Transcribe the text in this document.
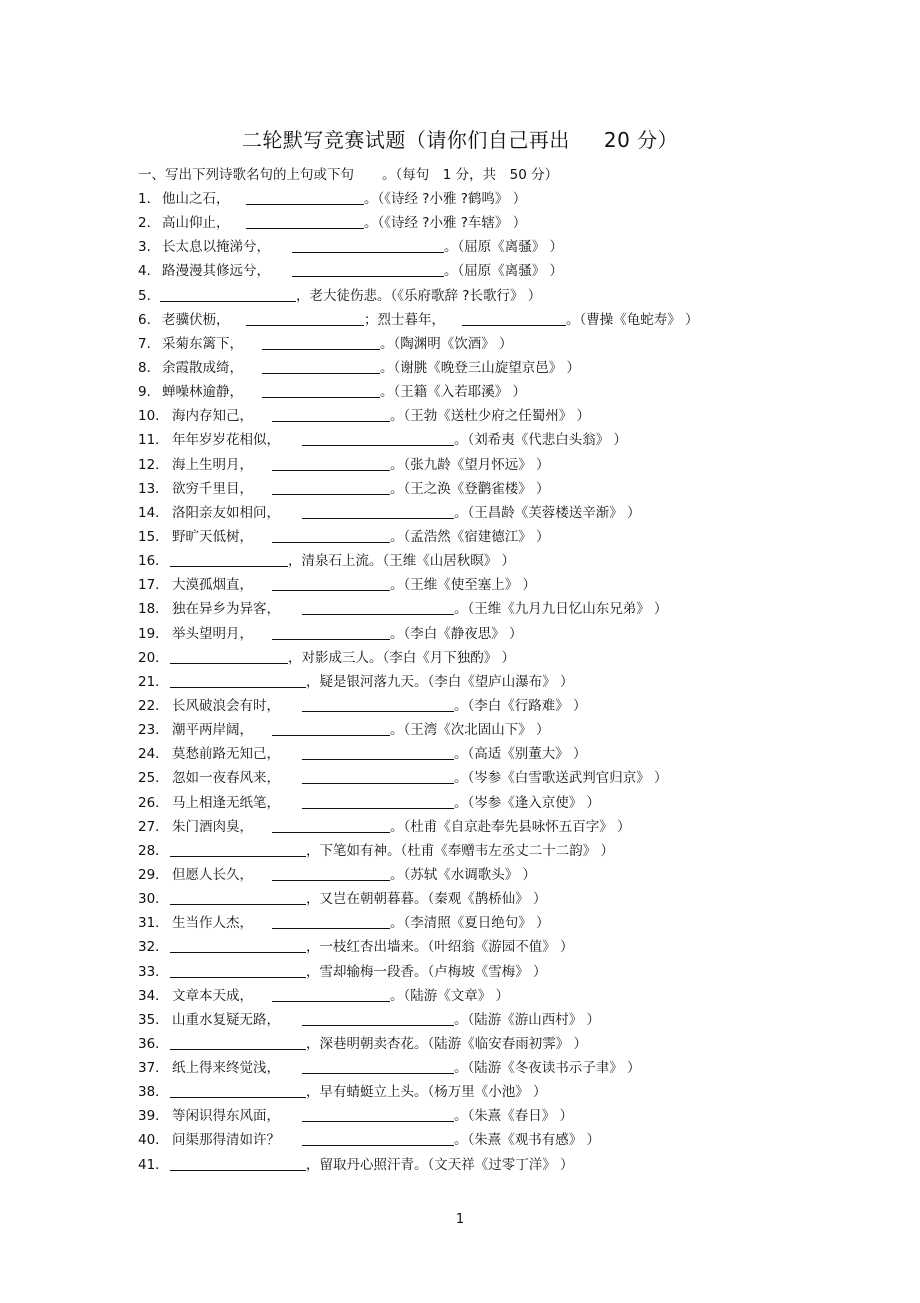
二轮默写竞赛试题（请你们自己再出 20 分）
一、写出下列诗歌名句的上句或下句 。（每句　1 分，共　50 分）
1． 他山之石，	。（《诗经 ?小雅 ?鹤鸣》 ）
2． 高山仰止，	。（《诗经 ?小雅 ?车辖》 ）
3． 长太息以掩涕兮，	。（屈原《离骚》 ）
4． 路漫漫其修远兮，	。（屈原《离骚》 ）
5．	，老大徒伤悲。（《乐府歌辞 ?长歌行》 ）
6． 老骥伏枥，	；烈士暮年，	。（曹操《龟蛇寿》 ）
7． 采菊东篱下，	。（陶渊明《饮酒》 ）
8． 余霞散成绮，	。（谢朓《晚登三山旋望京邑》 ）
9． 蝉噪林逾静，	。（王籍《入若耶溪》 ）
10． 海内存知己，	。（王勃《送杜少府之任蜀州》 ）
11． 年年岁岁花相似，	。（刘希夷《代悲白头翁》 ）
12． 海上生明月，	。（张九龄《望月怀远》 ）
13． 欲穷千里目，	。（王之涣《登鹳雀楼》 ）
14． 洛阳亲友如相问，	。（王昌龄《芙蓉楼送辛渐》 ）
15． 野旷天低树，	。（孟浩然《宿建德江》 ）
16．	，清泉石上流。（王维《山居秋暝》 ）
17． 大漠孤烟直，	。（王维《使至塞上》 ）
18． 独在异乡为异客，	。（王维《九月九日忆山东兄弟》 ）
19． 举头望明月，	。（李白《静夜思》 ）
20．	，对影成三人。（李白《月下独酌》 ）
21．	，疑是银河落九天。（李白《望庐山瀑布》 ）
22． 长风破浪会有时，	。（李白《行路难》 ）
23． 潮平两岸阔，	。（王湾《次北固山下》 ）
24． 莫愁前路无知己，	。（高适《别董大》 ）
25． 忽如一夜春风来，	。（岑参《白雪歌送武判官归京》 ）
26． 马上相逢无纸笔，	。（岑参《逢入京使》 ）
27． 朱门酒肉臭，	。（杜甫《自京赴奉先县咏怀五百字》 ）
28．	，下笔如有神。（杜甫《奉赠韦左丞丈二十二韵》 ）
29． 但愿人长久，	。（苏轼《水调歌头》 ）
30．	，又岂在朝朝暮暮。（秦观《鹊桥仙》 ）
31． 生当作人杰，	。（李清照《夏日绝句》 ）
32．	，一枝红杏出墙来。（叶绍翁《游园不值》 ）
33．	，雪却输梅一段香。（卢梅坡《雪梅》 ）
34． 文章本天成，	。（陆游《文章》 ）
35． 山重水复疑无路，	。（陆游《游山西村》 ）
36．	，深巷明朝卖杏花。（陆游《临安春雨初霁》 ）
37． 纸上得来终觉浅，	。（陆游《冬夜读书示子聿》 ）
38．	，早有蜻蜓立上头。（杨万里《小池》 ）
39． 等闲识得东风面，	。（朱熹《春日》 ）
40． 问渠那得清如许？	。（朱熹《观书有感》 ）
41．	，留取丹心照汗青。（文天祥《过零丁洋》 ）
1
